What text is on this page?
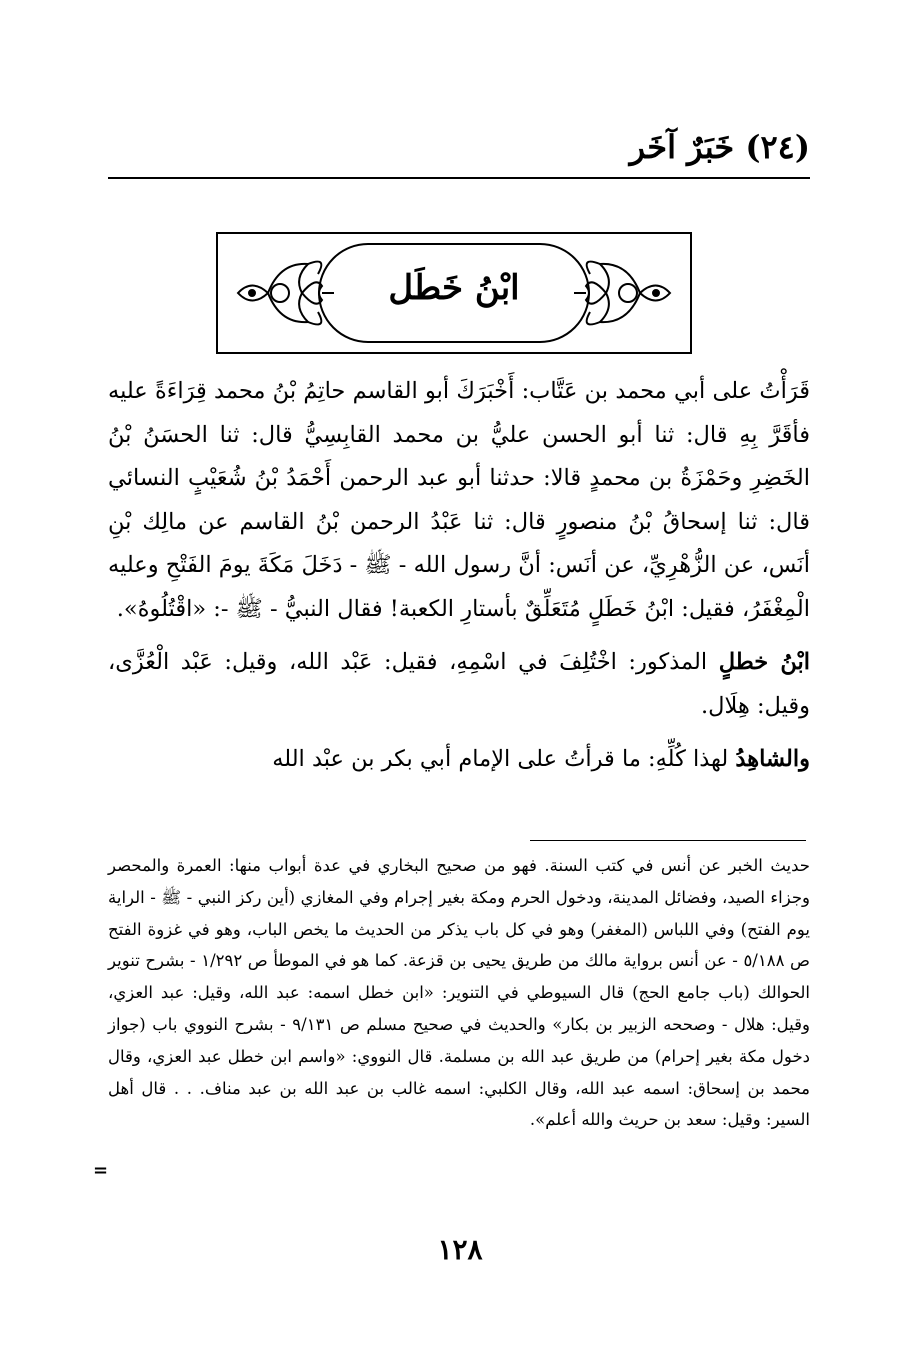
(٢٤) خَبَرٌ آخَر
ابْنُ خَطَل

قَرَأْتُ على أبي محمد بن عَتَّاب: أَخْبَرَكَ أبو القاسم حاتِمُ بْنُ محمد قِرَاءَةً عليه فأقَرَّ بِهِ قال: ثنا أبو الحسن عليُّ بن محمد القابِسِيُّ قال: ثنا الحسَنُ بْنُ الخَضِرِ وحَمْزَةُ بن محمدٍ قالا: حدثنا أبو عبد الرحمن أَحْمَدُ بْنُ شُعَيْبٍ النسائي قال: ثنا إسحاقُ بْنُ منصورٍ قال: ثنا عَبْدُ الرحمن بْنُ القاسم عن مالِك بْنِ أنَس، عن الزُّهْرِيِّ، عن أنَس: أنَّ رسول الله - ﷺ - دَخَلَ مَكَةَ يومَ الفَتْحِ وعليه الْمِغْفَرُ، فقيل: ابْنُ خَطَلٍ مُتَعَلِّقٌ بأستارِ الكعبة! فقال النبيُّ - ﷺ -: «اقْتُلُوهُ».

ابْنُ خطلٍ المذكور: اخْتُلِفَ في اسْمِهِ، فقيل: عَبْد الله، وقيل: عَبْد الْعُزَّى، وقيل: هِلَال.

والشاهِدُ لهذا كُلِّهِ: ما قرأتُ على الإمام أبي بكر بن عبْد الله

حديث الخبر عن أنس في كتب السنة. فهو من صحيح البخاري في عدة أبواب منها: العمرة والمحصر وجزاء الصيد، وفضائل المدينة، ودخول الحرم ومكة بغير إجرام وفي المغازي (أين ركز النبي - ﷺ - الراية يوم الفتح) وفي اللباس (المغفر) وهو في كل باب يذكر من الحديث ما يخص الباب، وهو في غزوة الفتح ص ٥/١٨٨ - عن أنس برواية مالك من طريق يحيى بن قزعة. كما هو في الموطأ ص ١/٢٩٢ - بشرح تنوير الحوالك (باب جامع الحج) قال السيوطي في التنوير: «ابن خطل اسمه: عبد الله، وقيل: عبد العزي، وقيل: هلال - وصححه الزبير بن بكار» والحديث في صحيح مسلم ص ٩/١٣١ - بشرح النووي باب (جواز دخول مكة بغير إحرام) من طريق عبد الله بن مسلمة. قال النووي: «واسم ابن خطل عبد العزي، وقال محمد بن إسحاق: اسمه عبد الله، وقال الكلبي: اسمه غالب بن عبد الله بن عبد مناف. . . قال أهل السير: وقيل: سعد بن حريث والله أعلم».
=
١٢٨
